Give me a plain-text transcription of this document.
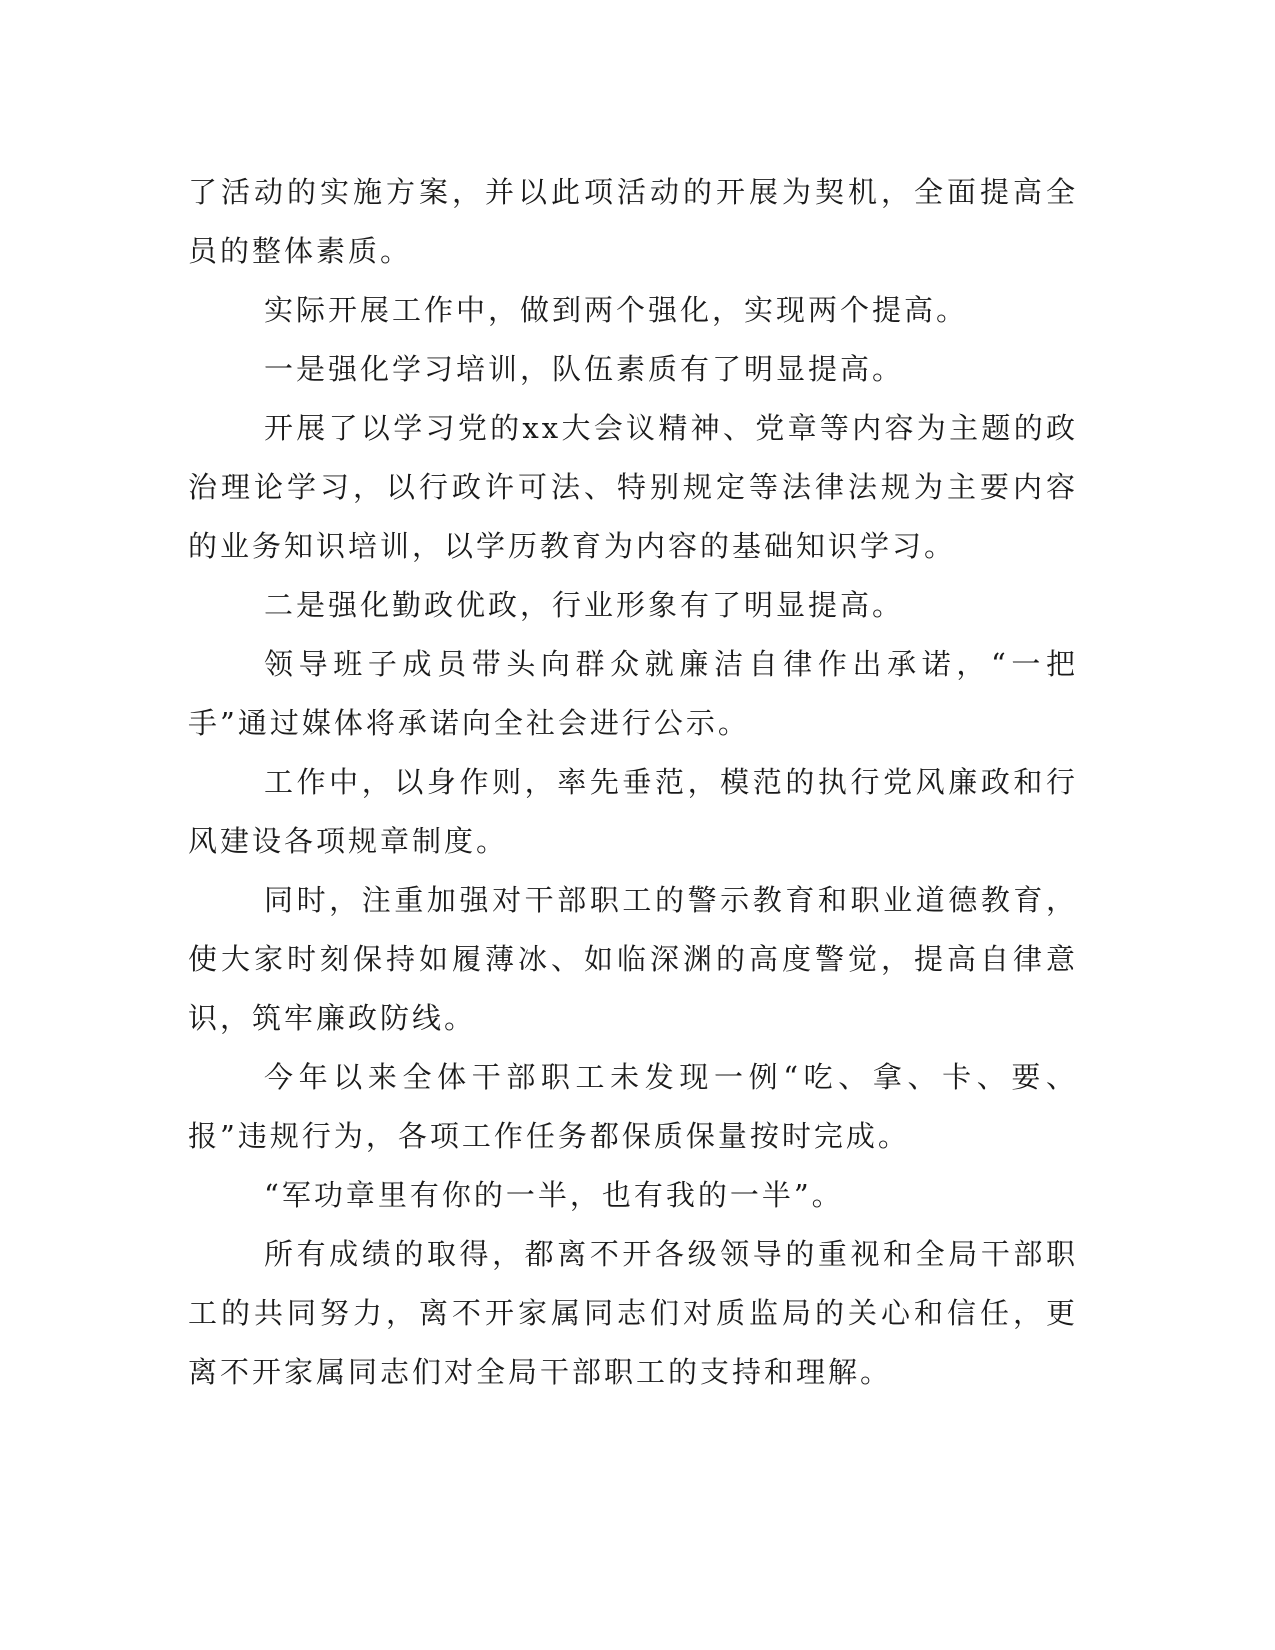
了活动的实施方案，并以此项活动的开展为契机，全面提高全员的整体素质。

实际开展工作中，做到两个强化，实现两个提高。

一是强化学习培训，队伍素质有了明显提高。

开展了以学习党的xx大会议精神、党章等内容为主题的政治理论学习，以行政许可法、特别规定等法律法规为主要内容的业务知识培训，以学历教育为内容的基础知识学习。

二是强化勤政优政，行业形象有了明显提高。

领导班子成员带头向群众就廉洁自律作出承诺，“一把手”通过媒体将承诺向全社会进行公示。

工作中，以身作则，率先垂范，模范的执行党风廉政和行风建设各项规章制度。

同时，注重加强对干部职工的警示教育和职业道德教育，使大家时刻保持如履薄冰、如临深渊的高度警觉，提高自律意识，筑牢廉政防线。

今年以来全体干部职工未发现一例“吃、拿、卡、要、报”违规行为，各项工作任务都保质保量按时完成。

“军功章里有你的一半，也有我的一半”。

所有成绩的取得，都离不开各级领导的重视和全局干部职工的共同努力，离不开家属同志们对质监局的关心和信任，更离不开家属同志们对全局干部职工的支持和理解。
